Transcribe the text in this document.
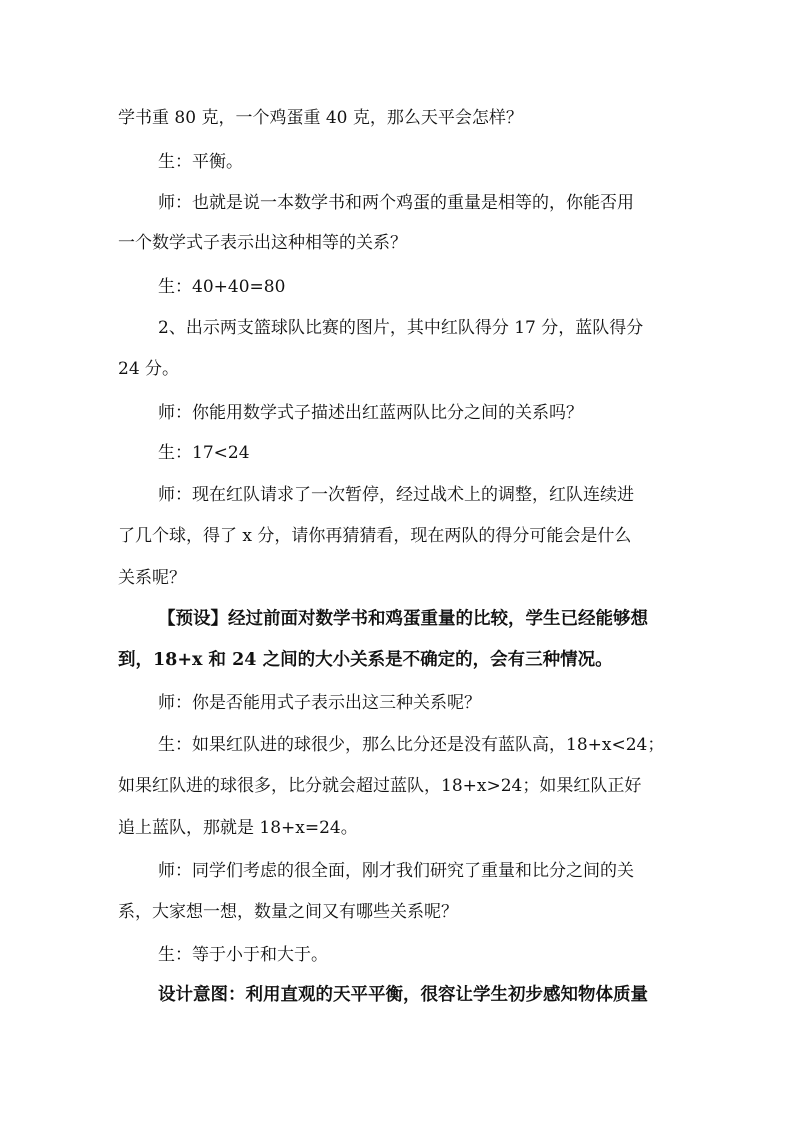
学书重 80 克，一个鸡蛋重 40 克，那么天平会怎样？
生：平衡。
师：也就是说一本数学书和两个鸡蛋的重量是相等的，你能否用
一个数学式子表示出这种相等的关系？
生：40+40=80
2、出示两支篮球队比赛的图片，其中红队得分 17 分，蓝队得分
24 分。
师：你能用数学式子描述出红蓝两队比分之间的关系吗？
生：17<24
师：现在红队请求了一次暂停，经过战术上的调整，红队连续进
了几个球，得了 x 分，请你再猜猜看，现在两队的得分可能会是什么
关系呢？
【预设】经过前面对数学书和鸡蛋重量的比较，学生已经能够想
到，18+x 和 24 之间的大小关系是不确定的，会有三种情况。
师：你是否能用式子表示出这三种关系呢？
生：如果红队进的球很少，那么比分还是没有蓝队高，18+x<24；
如果红队进的球很多，比分就会超过蓝队，18+x>24；如果红队正好
追上蓝队，那就是 18+x=24。
师：同学们考虑的很全面，刚才我们研究了重量和比分之间的关
系，大家想一想，数量之间又有哪些关系呢？
生：等于小于和大于。
设计意图：利用直观的天平平衡，很容让学生初步感知物体质量
